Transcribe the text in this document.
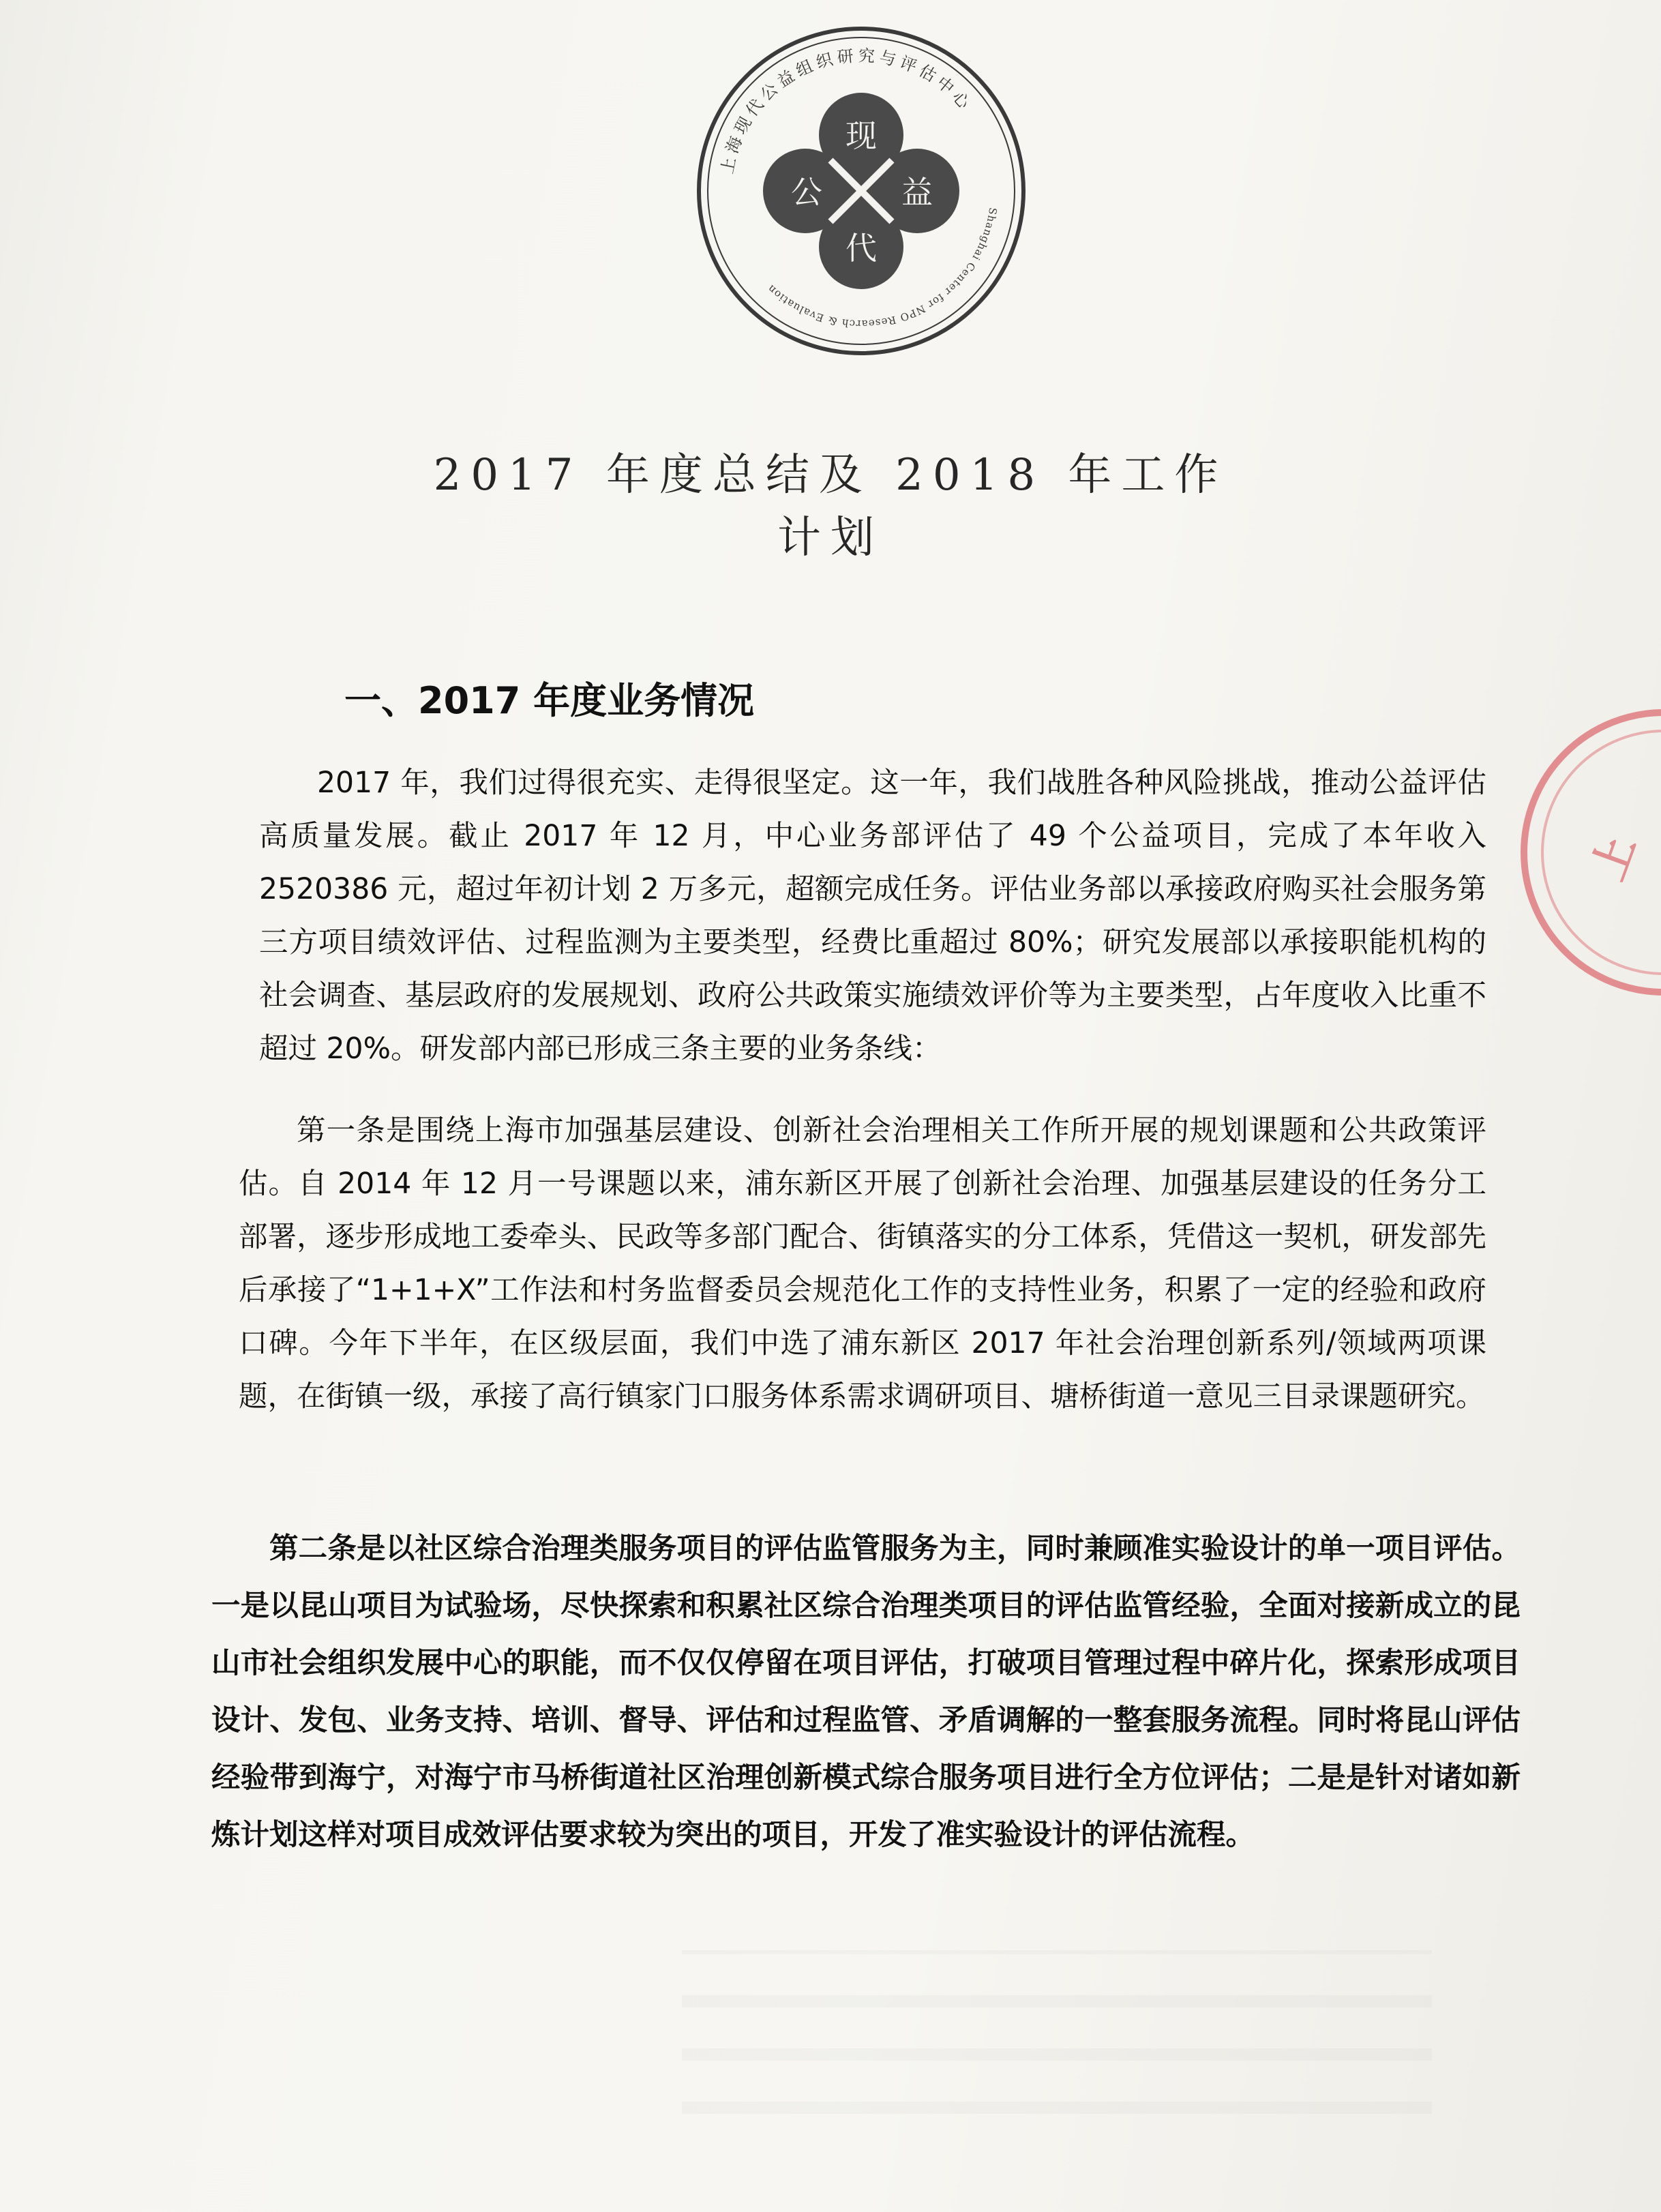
上海现代公益组织研究与评估中心
Shanghai Center for NPO Research & Evaluation
现
公	益
代
上
2017 年度总结及 2018 年工作计划
一、2017 年度业务情况

2017 年，我们过得很充实、走得很坚定。这一年，我们战胜各种风险挑战，推动公益评估高质量发展。截止 2017 年 12 月，中心业务部评估了 49 个公益项目，完成了本年收入 2520386 元，超过年初计划 2 万多元，超额完成任务。评估业务部以承接政府购买社会服务第三方项目绩效评估、过程监测为主要类型，经费比重超过 80%；研究发展部以承接职能机构的社会调查、基层政府的发展规划、政府公共政策实施绩效评价等为主要类型，占年度收入比重不超过 20%。研发部内部已形成三条主要的业务条线：

第一条是围绕上海市加强基层建设、创新社会治理相关工作所开展的规划课题和公共政策评估。自 2014 年 12 月一号课题以来，浦东新区开展了创新社会治理、加强基层建设的任务分工部署，逐步形成地工委牵头、民政等多部门配合、街镇落实的分工体系，凭借这一契机，研发部先后承接了“1+1+X”工作法和村务监督委员会规范化工作的支持性业务，积累了一定的经验和政府口碑。今年下半年，在区级层面，我们中选了浦东新区 2017 年社会治理创新系列/领域两项课题，在街镇一级，承接了高行镇家门口服务体系需求调研项目、塘桥街道一意见三目录课题研究。

第二条是以社区综合治理类服务项目的评估监管服务为主，同时兼顾准实验设计的单一项目评估。一是以昆山项目为试验场，尽快探索和积累社区综合治理类项目的评估监管经验，全面对接新成立的昆山市社会组织发展中心的职能，而不仅仅停留在项目评估，打破项目管理过程中碎片化，探索形成项目设计、发包、业务支持、培训、督导、评估和过程监管、矛盾调解的一整套服务流程。同时将昆山评估经验带到海宁，对海宁市马桥街道社区治理创新模式综合服务项目进行全方位评估；二是是针对诸如新炼计划这样对项目成效评估要求较为突出的项目，开发了准实验设计的评估流程。
